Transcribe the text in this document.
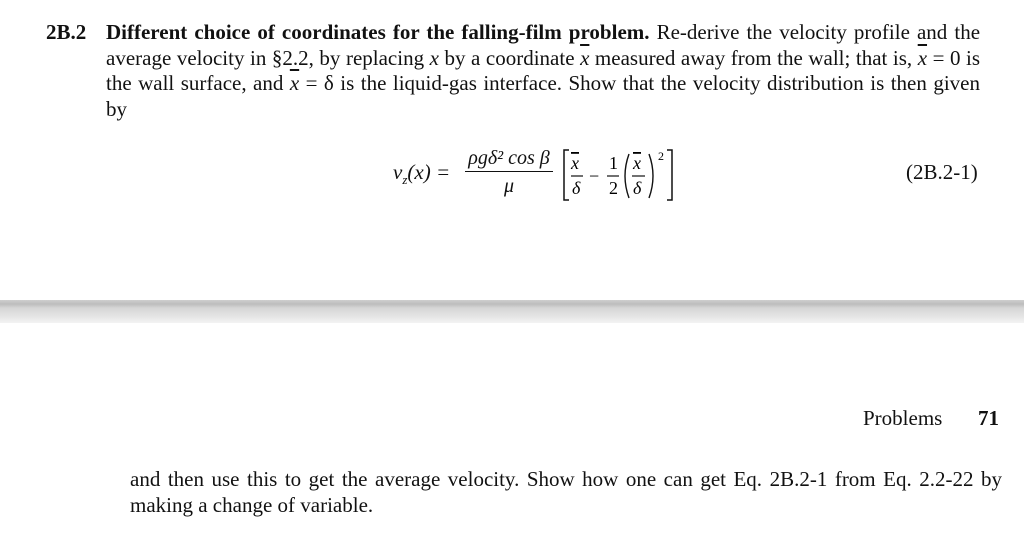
2B.2 Different choice of coordinates for the falling-film problem. Re-derive the velocity profile and the average velocity in §2.2, by replacing x by a coordinate $\overline{x}$ measured away from the wall; that is, $\overline{x} = 0$ is the wall surface, and $\overline{x} = \delta$ is the liquid-gas interface. Show that the velocity distribution is then given by
$v_z(x)$ =
ρgδ² cos β
μ
x
δ
−
1
2
x
δ
2
(2B.2-1)
Problems 71
and then use this to get the average velocity. Show how one can get Eq. 2B.2-1 from Eq. 2.2-22 by making a change of variable.
